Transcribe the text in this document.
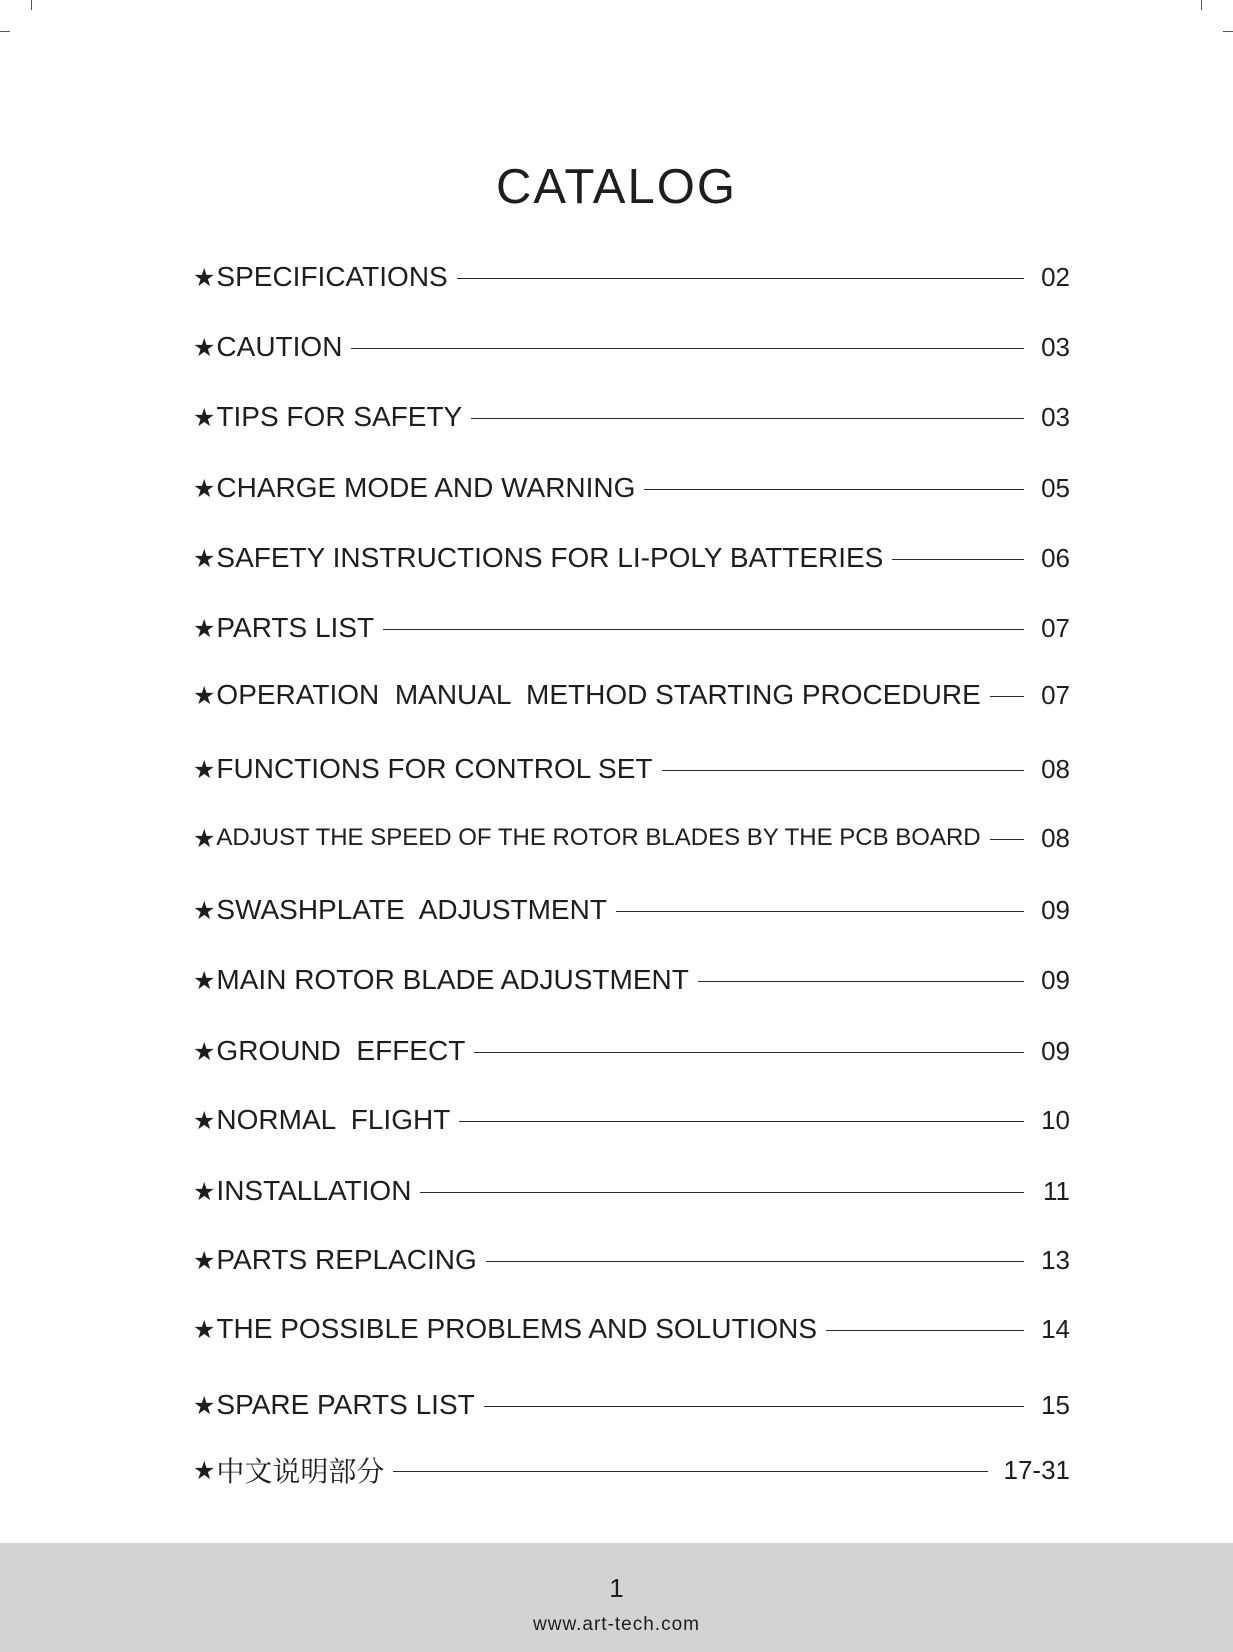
CATALOG
★ SPECIFICATIONS	02
★ CAUTION	03
★ TIPS FOR SAFETY	03
★ CHARGE MODE AND WARNING	05
★ SAFETY INSTRUCTIONS FOR LI-POLY BATTERIES	06
★ PARTS LIST	07
★ OPERATION  MANUAL  METHOD STARTING PROCEDURE 07
★ FUNCTIONS FOR CONTROL SET	08
★ ADJUST THE SPEED OF THE ROTOR BLADES BY THE PCB BOARD 08
★ SWASHPLATE  ADJUSTMENT	09
★ MAIN ROTOR BLADE ADJUSTMENT	09
★ GROUND  EFFECT	09
★ NORMAL  FLIGHT	10
★ INSTALLATION	11
★ PARTS REPLACING	13
★ THE POSSIBLE PROBLEMS AND SOLUTIONS	14
★ SPARE PARTS LIST	15
★ 中文说明部分	17-31
1
www.art-tech.com
